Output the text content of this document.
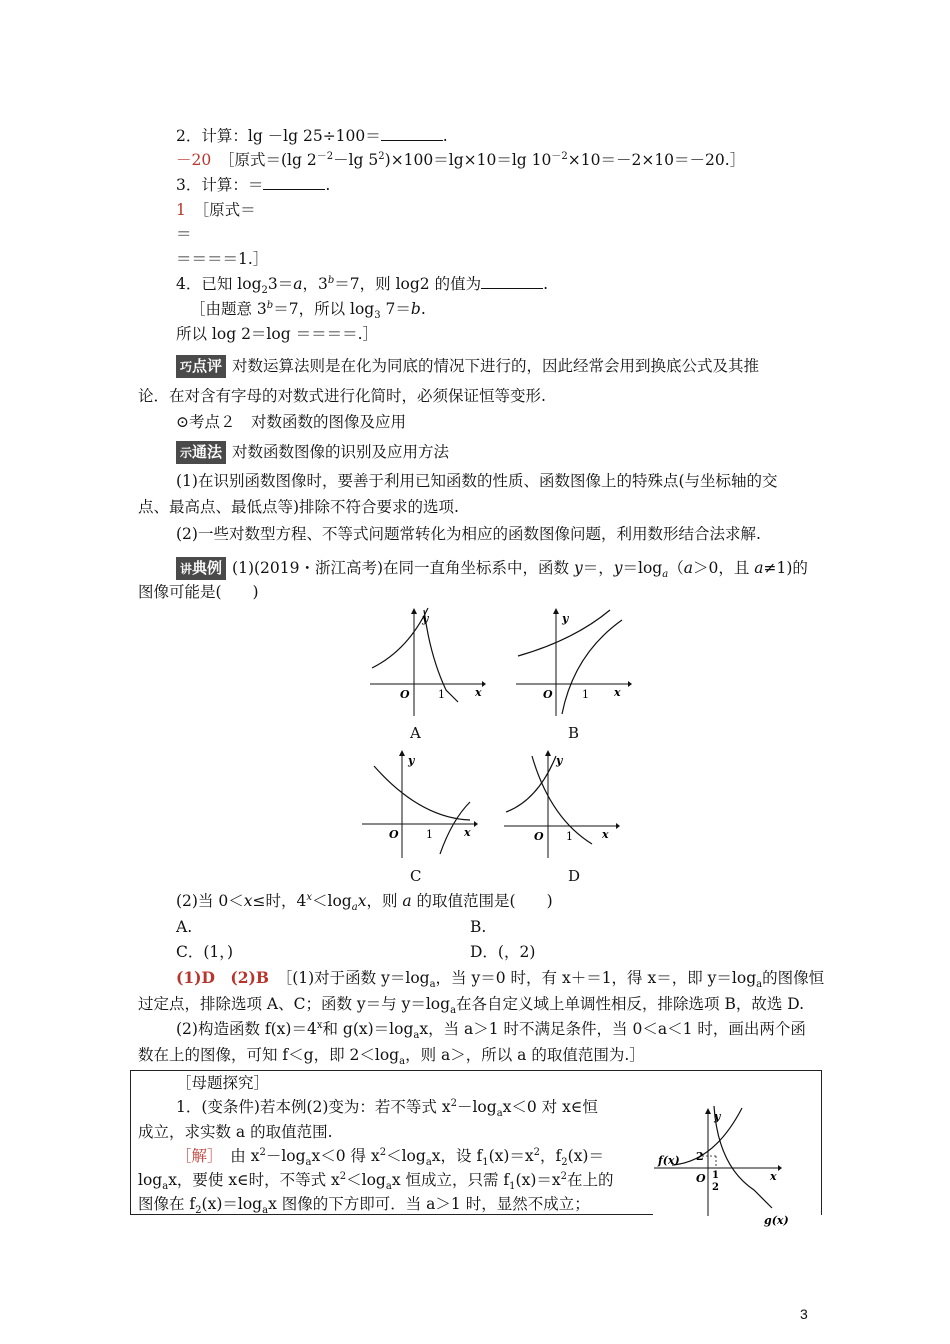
2．计算：lg －lg 25÷100＝	.
－20　 ［原式＝(lg $2^{-2}-\lg$ $5^2)\times 100=\lg\times 10=\lg$ $10^{-2}\times 10=-2\times 10=-20.]$
3．计算：＝	.
1　 ［原式＝
＝
＝＝＝＝1.］
4．已知 $\log_23=a$，$3^b=7$，则 log2 的值为	.
［由题意 $3^b=7$，所以 $\log_3 7=b$.
所以 log 2＝log ＝＝＝＝.］
巧点评 对数运算法则是在化为同底的情况下进行的，因此经常会用到换底公式及其推
论．在对含有字母的对数式进行化简时，必须保证恒等变形.
⊙考点２　对数函数的图像及应用
示通法 对数函数图像的识别及应用方法
(1)在识别函数图像时，要善于利用已知函数的性质、函数图像上的特殊点(与坐标轴的交
点、最高点、最低点等)排除不符合要求的选项.
(2)一些对数型方程、不等式问题常转化为相应的函数图像问题，利用数形结合法求解.
讲典例 (1)(2019・浙江高考)在同一直角坐标系中，函数 y＝，$y=\log_a(a>0$，且 a≠1)的
图像可能是(　　)
y
x
O	1
A
y
x
O	1
B
y
x
O 1
C
y
x
O 1
D
(2)当 0＜x≤时，$4^x<\log_ax$，则 a 的取值范围是(　　)
A.	B.
C．(1，)	D．(，2)
(1)D　(2)B　 ［(1)对于函数 $y=\log_a$，当 y＝0 时，有 x＋＝1，得 x＝，即 $y=\log_a$的图像恒
过定点，排除选项 A、C；函数 y＝与 $y=\log_a$在各自定义域上单调性相反，排除选项 B，故选 D.
(2)构造函数 $f(x)=4^x$和 $g(x)=\log_ax$，当 a＞1 时不满足条件，当 0＜a＜1 时，画出两个函
数在上的图像，可知 f＜g，即 $2<\log_a$，则 a＞，所以 a 的取值范围为.］
［母题探究］
1．(变条件)若本例(2)变为：若不等式 $x^2-\log_ax<0$ 对 x∈恒
成立，求实数 a 的取值范围.
［解］　 由 $x^2-\log_ax<0$ 得 $x^2<\log_ax$，设 $f_1(x)=x^2$，$f_2(x)=$
$\log_ax$，要使 x∈时，不等式 $x^2<\log_ax$ 恒成立，只需 $f_1(x)=x^2$在上的
图像在 $f_2(x)=\log_ax$ 图像的下方即可．当 a＞1 时，显然不成立；
f(x)
g(x)
2
O 1
2
x
y
3
